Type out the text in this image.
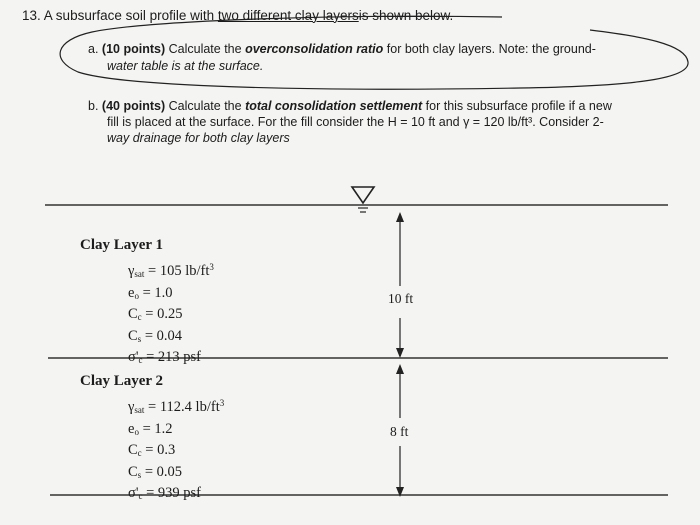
13. A subsurface soil profile with two different clay layersis shown below.
a. (10 points) Calculate the overconsolidation ratio for both clay layers. Note: the ground-
water table is at the surface.
b. (40 points) Calculate the total consolidation settlement for this subsurface profile if a new
fill is placed at the surface. For the fill consider the H = 10 ft and γ = 120 lb/ft³. Consider 2-
way drainage for both clay layers
Clay Layer 1
$\gamma_{sat} = 105$ $lb/ft^3$
$e_o = 1.0$
$C_c = 0.25$
$C_s = 0.04$
$\sigma'_c = 213$ psf
10 ft
Clay Layer 2
$\gamma_{sat} = 112.4$ $lb/ft^3$
$e_o = 1.2$
$C_c = 0.3$
$C_s = 0.05$
$\sigma'_c = 939$ psf
8 ft
